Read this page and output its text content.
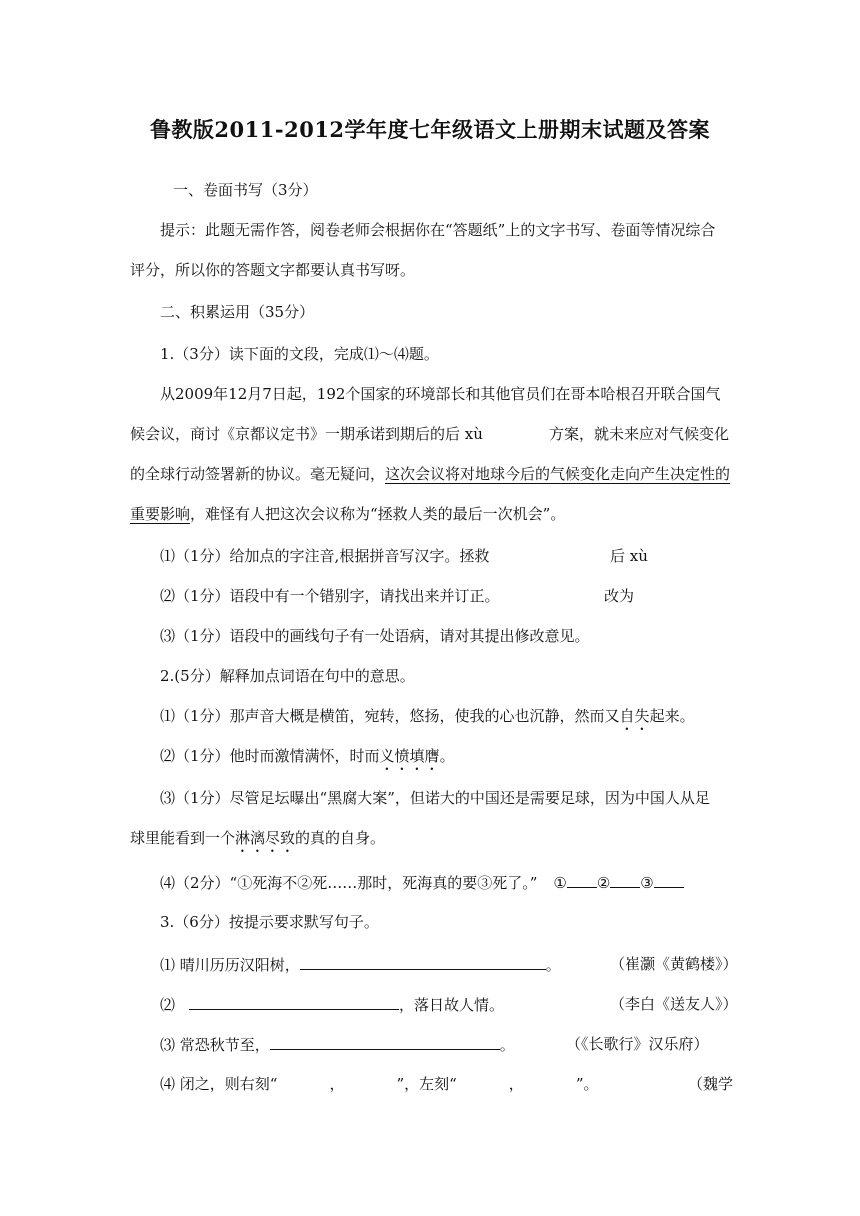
鲁教版2011-2012学年度七年级语文上册期末试题及答案
一、卷面书写（3分）
提示：此题无需作答，阅卷老师会根据你在“答题纸”上的文字书写、卷面等情况综合
评分，所以你的答题文字都要认真书写呀。
二、积累运用（35分）
1.（3分）读下面的文段，完成⑴～⑷题。
从2009年12月7日起，192个国家的环境部长和其他官员们在哥本哈根召开联合国气
候会议，商讨《京都议定书》一期承诺到期后的后 xù	方案，就未来应对气候变化
的全球行动签署新的协议。毫无疑问，这次会议将对地球今后的气候变化走向产生决定性的
重要影响，难怪有人把这次会议称为“拯救人类的最后一次机会”。
⑴（1分）给加点的字注音,根据拼音写汉字。拯救	后 xù
⑵（1分）语段中有一个错别字，请找出来并订正。	改为
⑶（1分）语段中的画线句子有一处语病，请对其提出修改意见。
2.(5分）解释加点词语在句中的意思。
⑴（1分）那声音大概是横笛，宛转，悠扬，使我的心也沉静，然而又自失起来。
⑵（1分）他时而激情满怀，时而义愤填膺。
⑶（1分）尽管足坛曝出“黑腐大案”，但诺大的中国还是需要足球，因为中国人从足
球里能看到一个淋漓尽致的真的自身。
⑷（2分）“①死海不②死……那时，死海真的要③死了。” ① ② ③
3.（6分）按提示要求默写句子。
⑴ 晴川历历汉阳树，	。	（崔灏《黄鹤楼》）
⑵	，落日故人情。	（李白《送友人》）
⑶ 常恐秋节至，	。	（《长歌行》汉乐府）
⑷ 闭之，则右刻“	，	”，左刻“	，	”。	（魏学
